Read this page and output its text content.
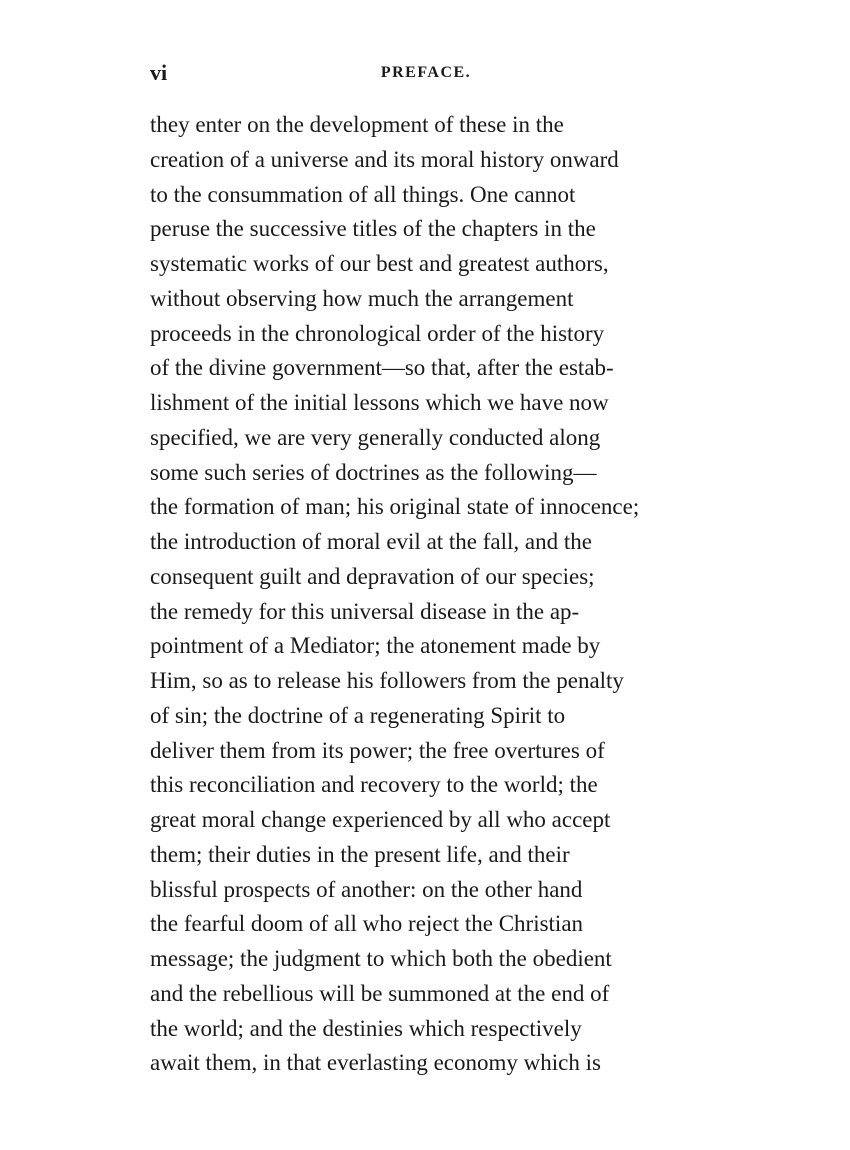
vi	PREFACE.
they enter on the development of these in the
creation of a universe and its moral history onward
to the consummation of all things. One cannot
peruse the successive titles of the chapters in the
systematic works of our best and greatest authors,
without observing how much the arrangement
proceeds in the chronological order of the history
of the divine government—so that, after the estab-
lishment of the initial lessons which we have now
specified, we are very generally conducted along
some such series of doctrines as the following—
the formation of man; his original state of innocence;
the introduction of moral evil at the fall, and the
consequent guilt and depravation of our species;
the remedy for this universal disease in the ap-
pointment of a Mediator; the atonement made by
Him, so as to release his followers from the penalty
of sin; the doctrine of a regenerating Spirit to
deliver them from its power; the free overtures of
this reconciliation and recovery to the world; the
great moral change experienced by all who accept
them; their duties in the present life, and their
blissful prospects of another: on the other hand
the fearful doom of all who reject the Christian
message; the judgment to which both the obedient
and the rebellious will be summoned at the end of
the world; and the destinies which respectively
await them, in that everlasting economy which is
